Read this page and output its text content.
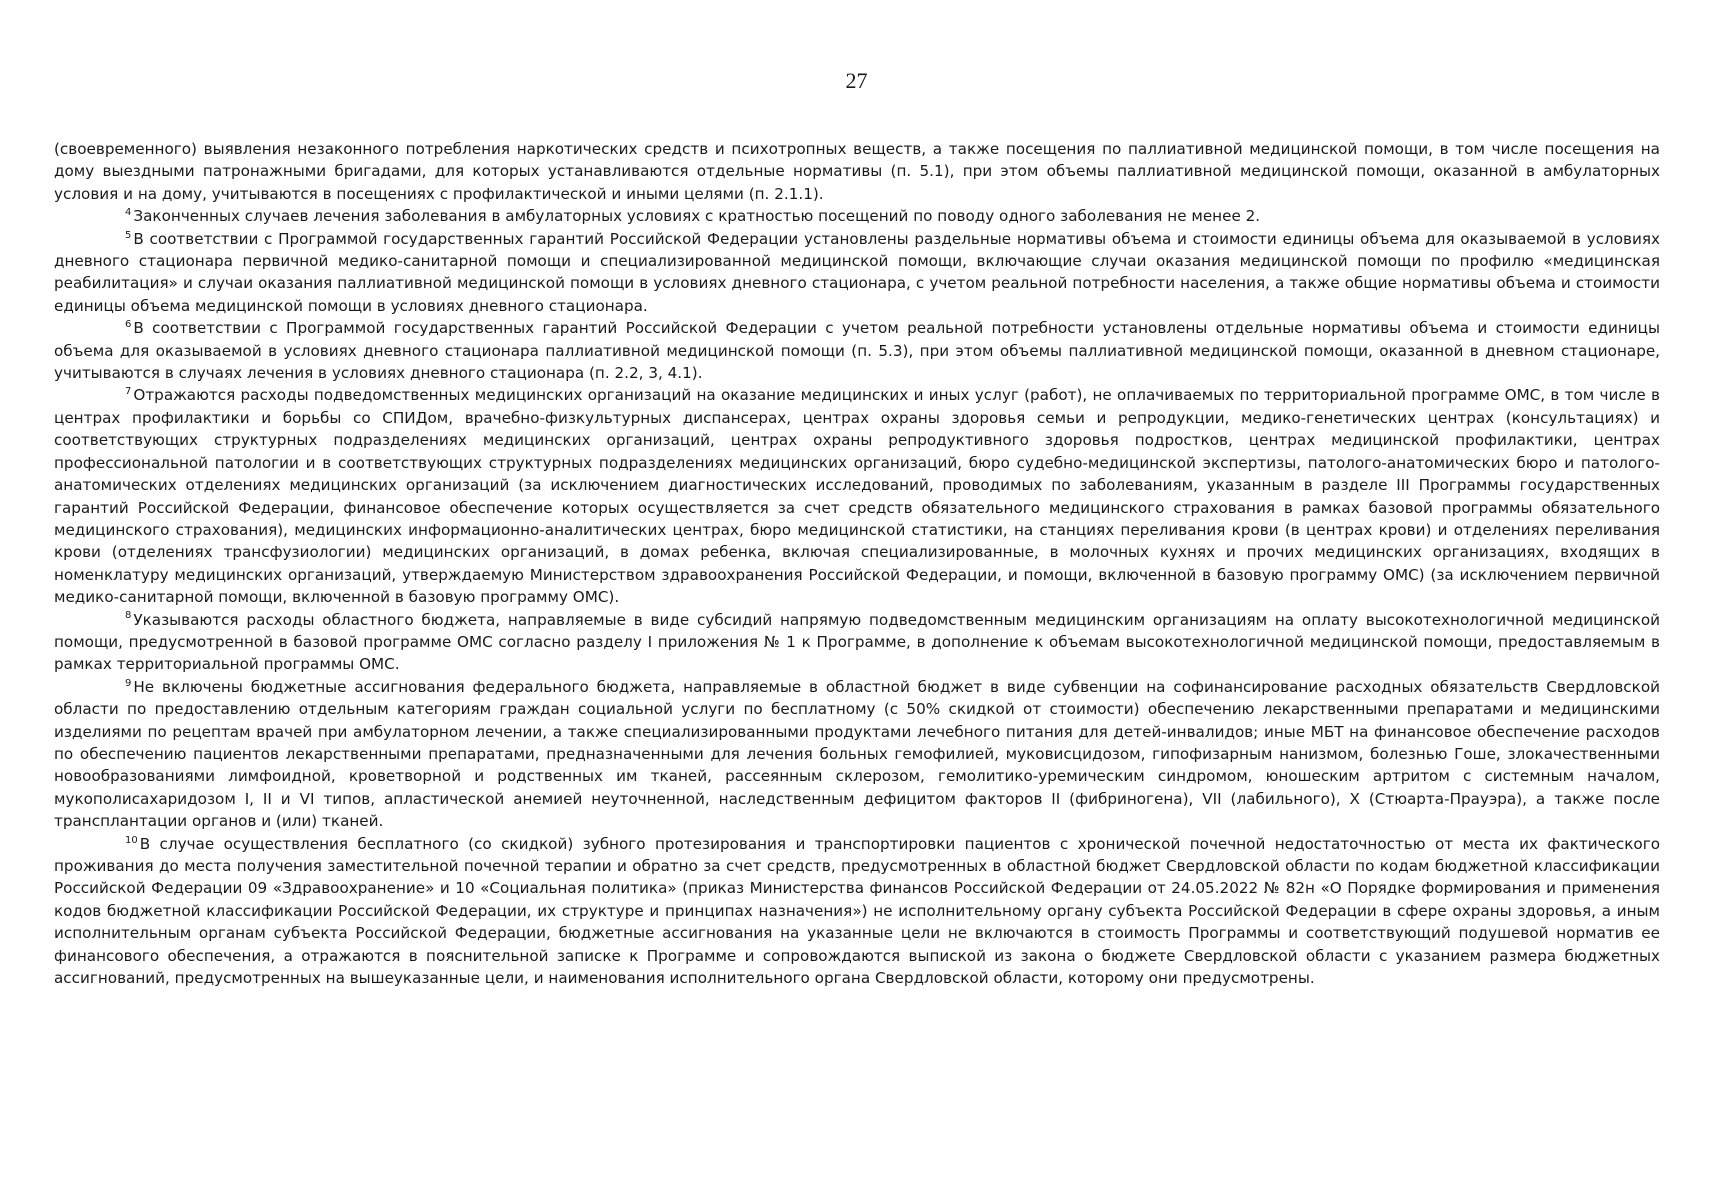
27

(своевременного) выявления незаконного потребления наркотических средств и психотропных веществ, а также посещения по паллиативной медицинской помощи, в том числе посещения на дому выездными патронажными бригадами, для которых устанавливаются отдельные нормативы (п. 5.1), при этом объемы паллиативной медицинской помощи, оказанной в амбулаторных условия и на дому, учитываются в посещениях с профилактической и иными целями (п. 2.1.1).

$^4$ Законченных случаев лечения заболевания в амбулаторных условиях с кратностью посещений по поводу одного заболевания не менее 2.

$^5$ В соответствии с Программой государственных гарантий Российской Федерации установлены раздельные нормативы объема и стоимости единицы объема для оказываемой в условиях дневного стационара первичной медико-санитарной помощи и специализированной медицинской помощи, включающие случаи оказания медицинской помощи по профилю «медицинская реабилитация» и случаи оказания паллиативной медицинской помощи в условиях дневного стационара, с учетом реальной потребности населения, а также общие нормативы объема и стоимости единицы объема медицинской помощи в условиях дневного стационара.

$^6$ В соответствии с Программой государственных гарантий Российской Федерации с учетом реальной потребности установлены отдельные нормативы объема и стоимости единицы объема для оказываемой в условиях дневного стационара паллиативной медицинской помощи (п. 5.3), при этом объемы паллиативной медицинской помощи, оказанной в дневном стационаре, учитываются в случаях лечения в условиях дневного стационара (п. 2.2, 3, 4.1).

$^7$ Отражаются расходы подведомственных медицинских организаций на оказание медицинских и иных услуг (работ), не оплачиваемых по территориальной программе ОМС, в том числе в центрах профилактики и борьбы со СПИДом, врачебно-физкультурных диспансерах, центрах охраны здоровья семьи и репродукции, медико-генетических центрах (консультациях) и соответствующих структурных подразделениях медицинских организаций, центрах охраны репродуктивного здоровья подростков, центрах медицинской профилактики, центрах профессиональной патологии и в соответствующих структурных подразделениях медицинских организаций, бюро судебно-медицинской экспертизы, патолого-анатомических бюро и патолого-анатомических отделениях медицинских организаций (за исключением диагностических исследований, проводимых по заболеваниям, указанным в разделе III Программы государственных гарантий Российской Федерации, финансовое обеспечение которых осуществляется за счет средств обязательного медицинского страхования в рамках базовой программы обязательного медицинского страхования), медицинских информационно-аналитических центрах, бюро медицинской статистики, на станциях переливания крови (в центрах крови) и отделениях переливания крови (отделениях трансфузиологии) медицинских организаций, в домах ребенка, включая специализированные, в молочных кухнях и прочих медицинских организациях, входящих в номенклатуру медицинских организаций, утверждаемую Министерством здравоохранения Российской Федерации, и помощи, включенной в базовую программу ОМС) (за исключением первичной медико-санитарной помощи, включенной в базовую программу ОМС).

$^8$ Указываются расходы областного бюджета, направляемые в виде субсидий напрямую подведомственным медицинским организациям на оплату высокотехнологичной медицинской помощи, предусмотренной в базовой программе ОМС согласно разделу I приложения № 1 к Программе, в дополнение к объемам высокотехнологичной медицинской помощи, предоставляемым в рамках территориальной программы ОМС.

$^9$ Не включены бюджетные ассигнования федерального бюджета, направляемые в областной бюджет в виде субвенции на софинансирование расходных обязательств Свердловской области по предоставлению отдельным категориям граждан социальной услуги по бесплатному (с 50% скидкой от стоимости) обеспечению лекарственными препаратами и медицинскими изделиями по рецептам врачей при амбулаторном лечении, а также специализированными продуктами лечебного питания для детей-инвалидов; иные МБТ на финансовое обеспечение расходов по обеспечению пациентов лекарственными препаратами, предназначенными для лечения больных гемофилией, муковисцидозом, гипофизарным нанизмом, болезнью Гоше, злокачественными новообразованиями лимфоидной, кроветворной и родственных им тканей, рассеянным склерозом, гемолитико-уремическим синдромом, юношеским артритом с системным началом, мукополисахаридозом I, II и VI типов, апластической анемией неуточненной, наследственным дефицитом факторов II (фибриногена), VII (лабильного), X (Стюарта-Прауэра), а также после трансплантации органов и (или) тканей.

$^{10}$ В случае осуществления бесплатного (со скидкой) зубного протезирования и транспортировки пациентов с хронической почечной недостаточностью от места их фактического проживания до места получения заместительной почечной терапии и обратно за счет средств, предусмотренных в областной бюджет Свердловской области по кодам бюджетной классификации Российской Федерации 09 «Здравоохранение» и 10 «Социальная политика» (приказ Министерства финансов Российской Федерации от 24.05.2022 № 82н «О Порядке формирования и применения кодов бюджетной классификации Российской Федерации, их структуре и принципах назначения») не исполнительному органу субъекта Российской Федерации в сфере охраны здоровья, а иным исполнительным органам субъекта Российской Федерации, бюджетные ассигнования на указанные цели не включаются в стоимость Программы и соответствующий подушевой норматив ее финансового обеспечения, а отражаются в пояснительной записке к Программе и сопровождаются выпиской из закона о бюджете Свердловской области с указанием размера бюджетных ассигнований, предусмотренных на вышеуказанные цели, и наименования исполнительного органа Свердловской области, которому они предусмотрены.
